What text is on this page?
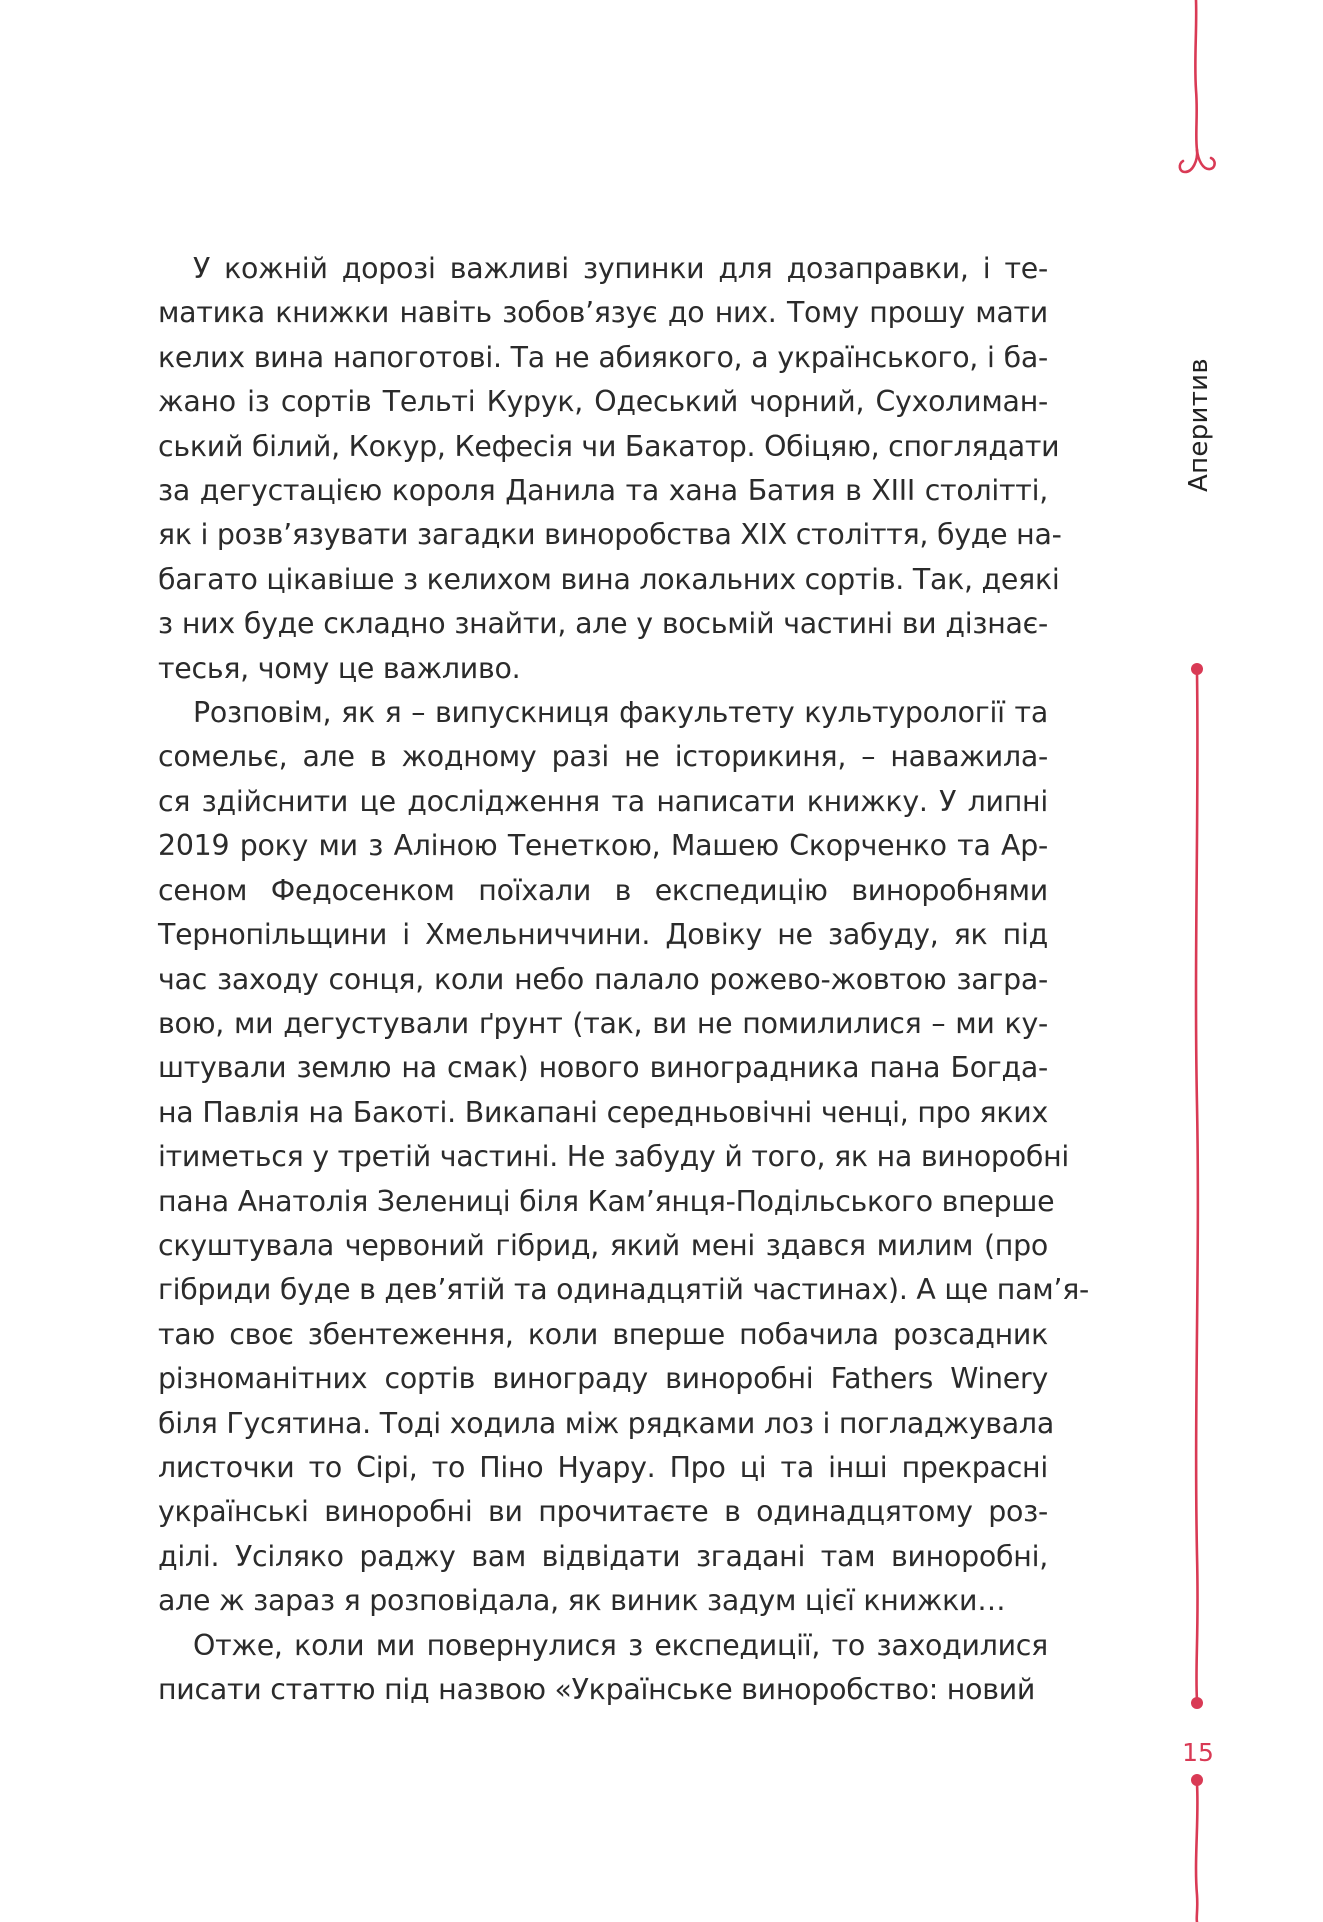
У кожній дорозі важливі зупинки для дозаправки, і те-
матика книжки навіть зобов’язує до них. Тому прошу мати
келих вина напоготові. Та не абиякого, а українського, і ба-
жано із сортів Тельті Курук, Одеський чорний, Сухолиман-
ський білий, Кокур, Кефесія чи Бакатор. Обіцяю, споглядати
за дегустацією короля Данила та хана Батия в XIII столітті,
як і розв’язувати загадки виноробства XIX століття, буде на-
багато цікавіше з келихом вина локальних сортів. Так, деякі
з них буде складно знайти, але у восьмій частині ви дізнає-
тесья, чому це важливо.
Розповім, як я – випускниця факультету культурології та
сомельє, але в жодному разі не історикиня, – наважила-
ся здійснити це дослідження та написати книжку. У липні
2019 року ми з Аліною Тенеткою, Машею Скорченко та Ар-
сеном Федосенком поїхали в експедицію виноробнями
Тернопільщини і Хмельниччини. Довіку не забуду, як під
час заходу сонця, коли небо палало рожево-жовтою загра-
вою, ми дегустували ґрунт (так, ви не помилилися – ми ку-
штували землю на смак) нового виноградника пана Богда-
на Павлія на Бакоті. Викапані середньовічні ченці, про яких
ітиметься у третій частині. Не забуду й того, як на виноробні
пана Анатолія Зелениці біля Кам’янця-Подільського вперше
скуштувала червоний гібрид, який мені здався милим (про
гібриди буде в дев’ятій та одинадцятій частинах). А ще пам’я-
таю своє збентеження, коли вперше побачила розсадник
різноманітних сортів винограду виноробні Fathers Winery
біля Гусятина. Тоді ходила між рядками лоз і погладжувала
листочки то Сірі, то Піно Нуару. Про ці та інші прекрасні
українські виноробні ви прочитаєте в одинадцятому роз-
ділі. Усіляко раджу вам відвідати згадані там виноробні,
але ж зараз я розповідала, як виник задум цієї книжки…
Отже, коли ми повернулися з експедиції, то заходилися
писати статтю під назвою «Українське виноробство: новий
Аперитив
15
